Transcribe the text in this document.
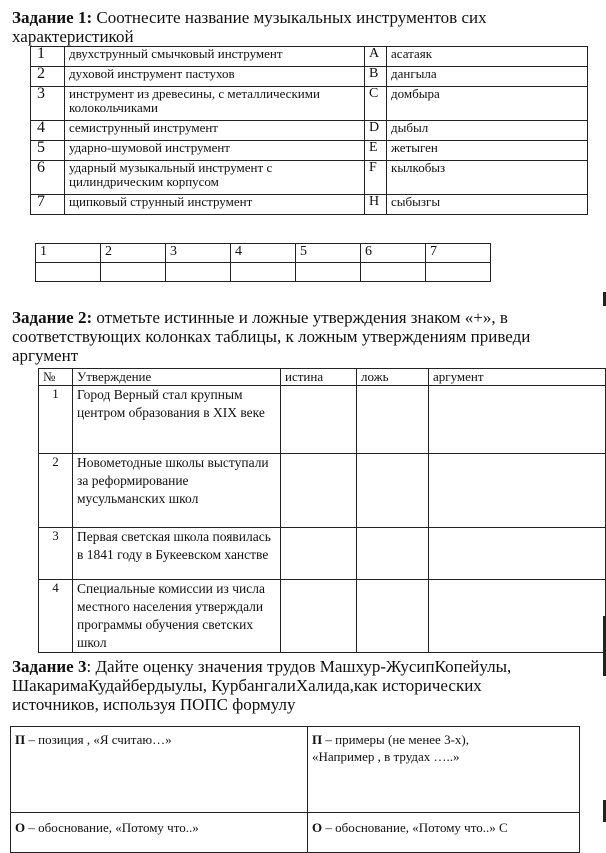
Задание 1: Соотнесите название музыкальных инструментов сих
характеристикой
1	двухструнный смычковый инструмент	A	асатаяк
2	духовой инструмент пастухов	B	дангыла
3	инструмент из древесины, с металлическими колокольчиками	C	домбыра
4	семиструнный инструмент	D	дыбыл
5	ударно-шумовой инструмент	E	жетыген
6	ударный музыкальный инструмент с цилиндрическим корпусом	F	кылкобыз
7	щипковый струнный инструмент	H	сыбызгы
1	2	3	4	5	6	7

Задание 2: отметьте истинные и ложные утверждения знаком «+», в
соответствующих колонках таблицы, к ложным утверждениям приведи
аргумент
№	Утверждение	истина	ложь	аргумент
1	Город Верный стал крупным центром образования в XIX веке			
2	Новометодные школы выступали за реформирование мусульманских школ			
3	Первая светская школа появилась в 1841 году в Букеевском ханстве			
4	Специальные комиссии из числа местного населения утверждали программы обучения светских школ			
Задание 3: Дайте оценку значения трудов Машхур-ЖусипКопейулы,
ШакаримаКудайбердыулы, КурбангалиХалида,как исторических
источников, используя ПОПС формулу
П – позиция , «Я считаю…»	П – примеры (не менее 3-х),
«Например , в трудах …..»
О – обоснование, «Потому что..»	О – обоснование, «Потому что..» С
